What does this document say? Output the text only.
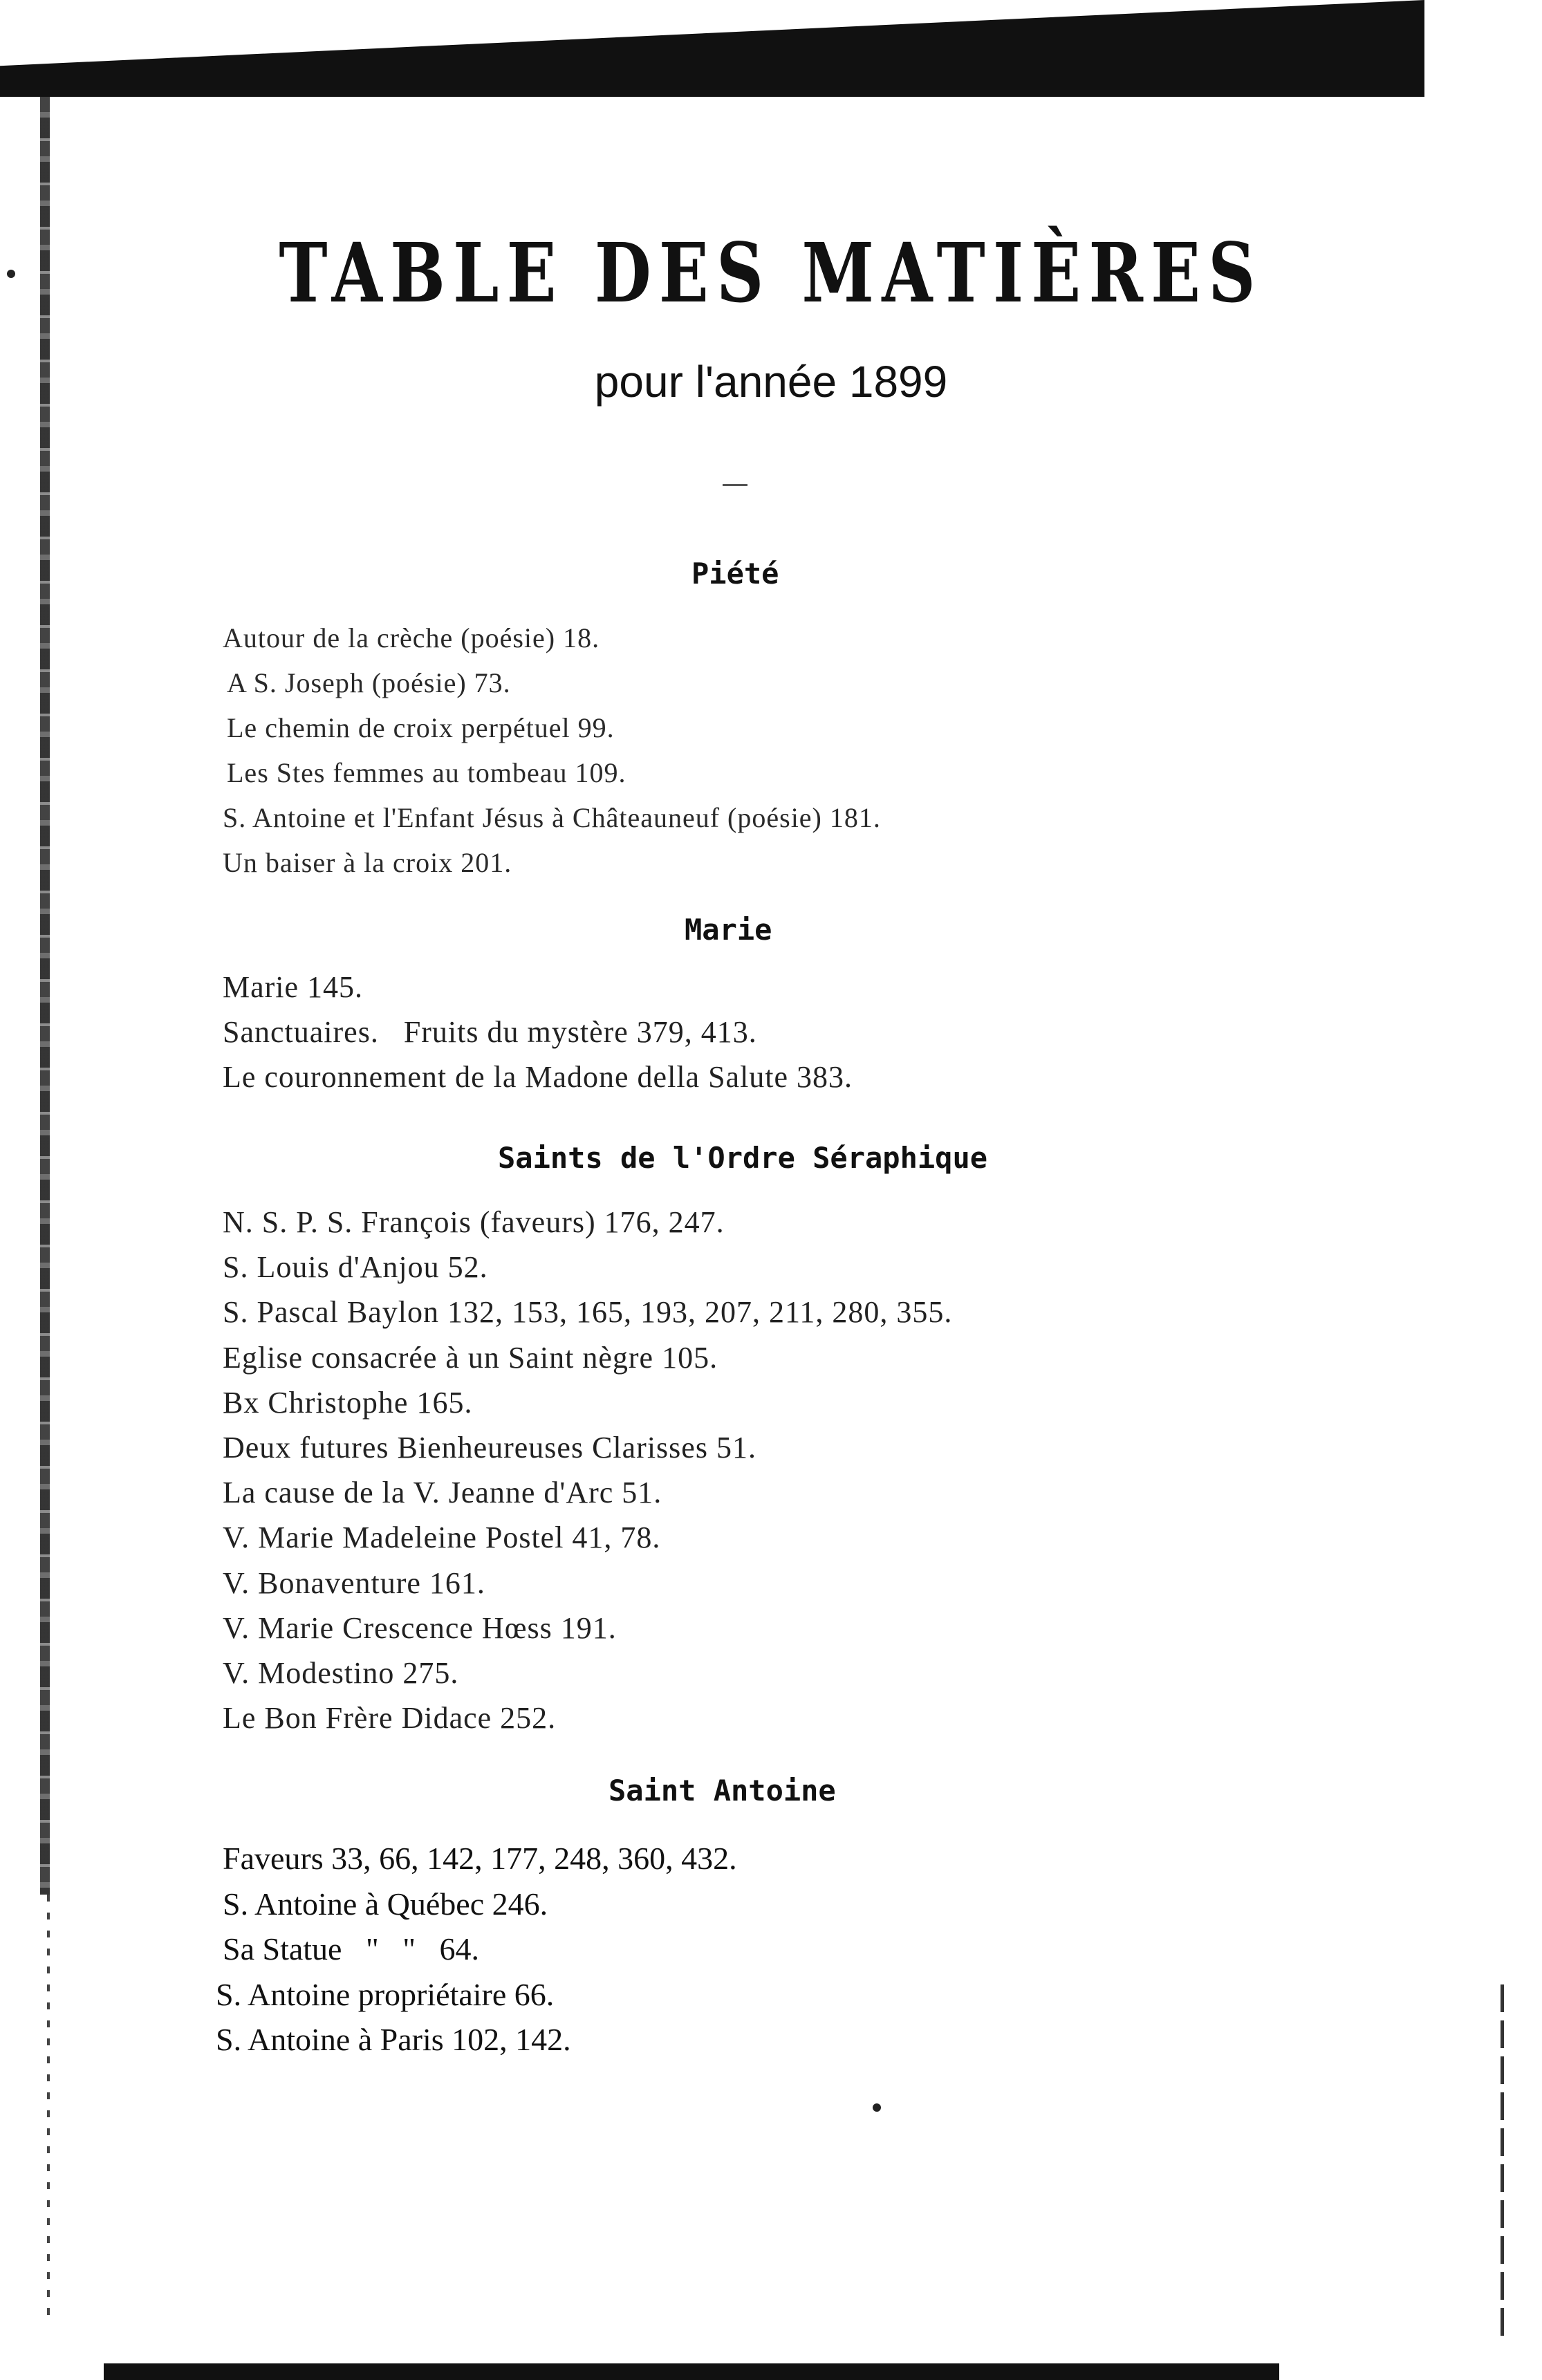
TABLE DES MATIÈRES
pour l'année 1899
Piété
Autour de la crèche (poésie) 18.
A S. Joseph (poésie) 73.
Le chemin de croix perpétuel 99.
Les Stes femmes au tombeau 109.
S. Antoine et l'Enfant Jésus à Châteauneuf (poésie) 181.
Un baiser à la croix 201.
Marie
Marie 145.
Sanctuaires.   Fruits du mystère 379, 413.
Le couronnement de la Madone della Salute 383.
Saints de l'Ordre Séraphique
N. S. P. S. François (faveurs) 176, 247.
S. Louis d'Anjou 52.
S. Pascal Baylon 132, 153, 165, 193, 207, 211, 280, 355.
Eglise consacrée à un Saint nègre 105.
Bx Christophe 165.
Deux futures Bienheureuses Clarisses 51.
La cause de la V. Jeanne d'Arc 51.
V. Marie Madeleine Postel 41, 78.
V. Bonaventure 161.
V. Marie Crescence Hœss 191.
V. Modestino 275.
Le Bon Frère Didace 252.
Saint Antoine
Faveurs 33, 66, 142, 177, 248, 360, 432.
S. Antoine à Québec 246.
Sa Statue   "   "   64.
S. Antoine propriétaire 66.
S. Antoine à Paris 102, 142.
